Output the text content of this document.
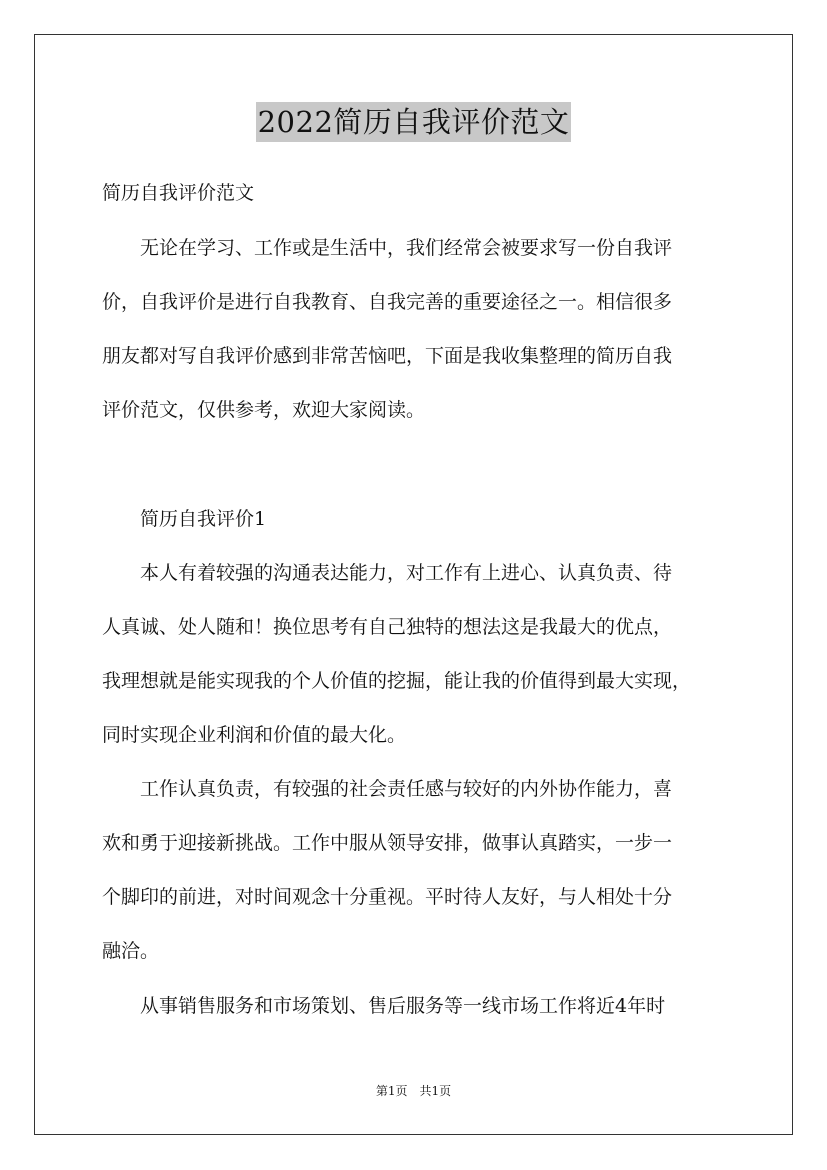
2022简历自我评价范文
简历自我评价范文
　　无论在学习、工作或是生活中，我们经常会被要求写一份自我评
价，自我评价是进行自我教育、自我完善的重要途径之一。相信很多
朋友都对写自我评价感到非常苦恼吧，下面是我收集整理的简历自我
评价范文，仅供参考，欢迎大家阅读。
　　简历自我评价1
　　本人有着较强的沟通表达能力，对工作有上进心、认真负责、待
人真诚、处人随和！换位思考有自己独特的想法这是我最大的优点，
我理想就是能实现我的个人价值的挖掘，能让我的价值得到最大实现，
同时实现企业利润和价值的最大化。
　　工作认真负责，有较强的社会责任感与较好的内外协作能力，喜
欢和勇于迎接新挑战。工作中服从领导安排，做事认真踏实，一步一
个脚印的前进，对时间观念十分重视。平时待人友好，与人相处十分
融洽。
　　从事销售服务和市场策划、售后服务等一线市场工作将近4年时
第1页　共1页
